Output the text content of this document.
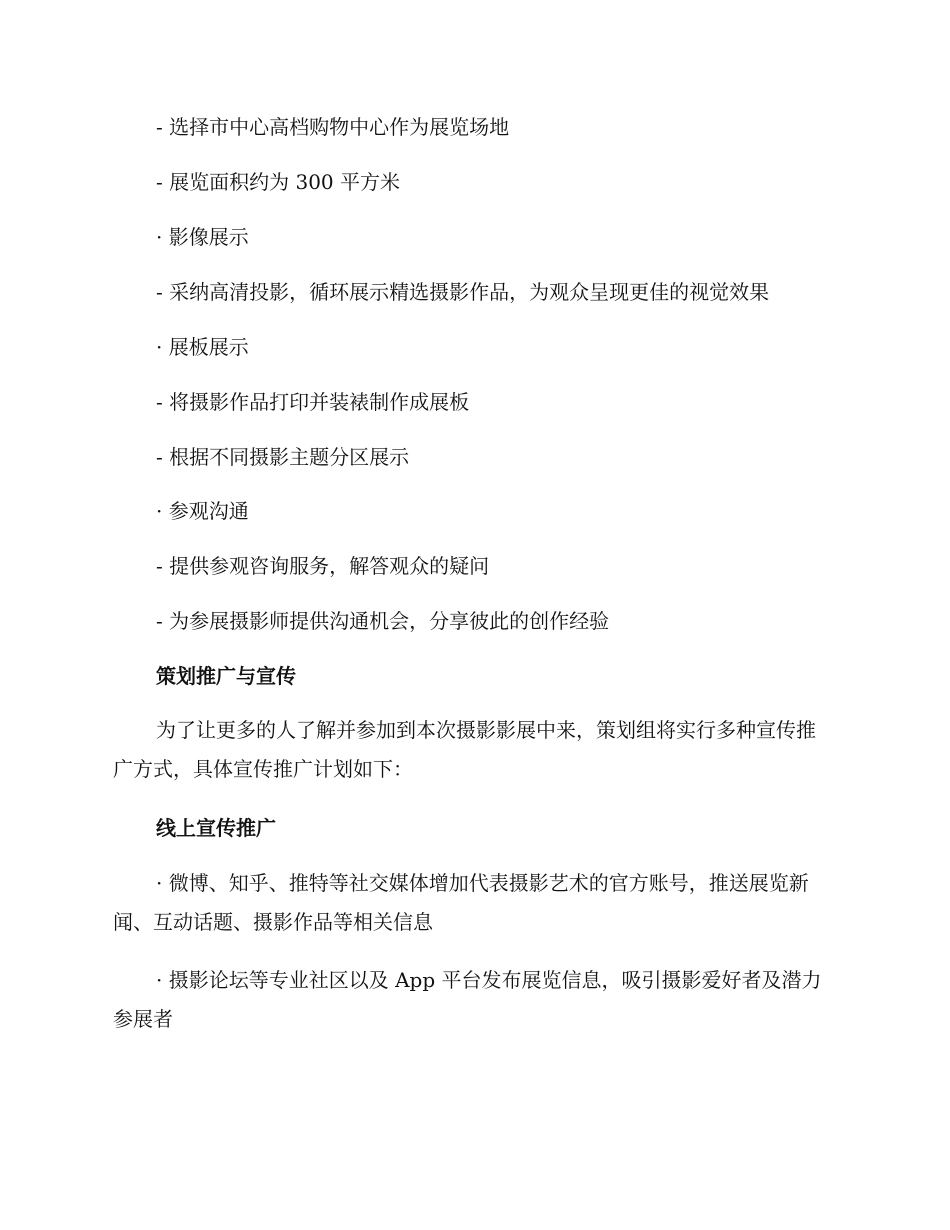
- 选择市中心高档购物中心作为展览场地
- 展览面积约为 300 平方米
· 影像展示
- 采纳高清投影，循环展示精选摄影作品，为观众呈现更佳的视觉效果
· 展板展示
- 将摄影作品打印并装裱制作成展板
- 根据不同摄影主题分区展示
· 参观沟通
- 提供参观咨询服务，解答观众的疑问
- 为参展摄影师提供沟通机会，分享彼此的创作经验
策划推广与宣传
为了让更多的人了解并参加到本次摄影影展中来，策划组将实行多种宣传推广方式，具体宣传推广计划如下：
线上宣传推广
· 微博、知乎、推特等社交媒体增加代表摄影艺术的官方账号，推送展览新闻、互动话题、摄影作品等相关信息
· 摄影论坛等专业社区以及 App 平台发布展览信息，吸引摄影爱好者及潜力参展者
